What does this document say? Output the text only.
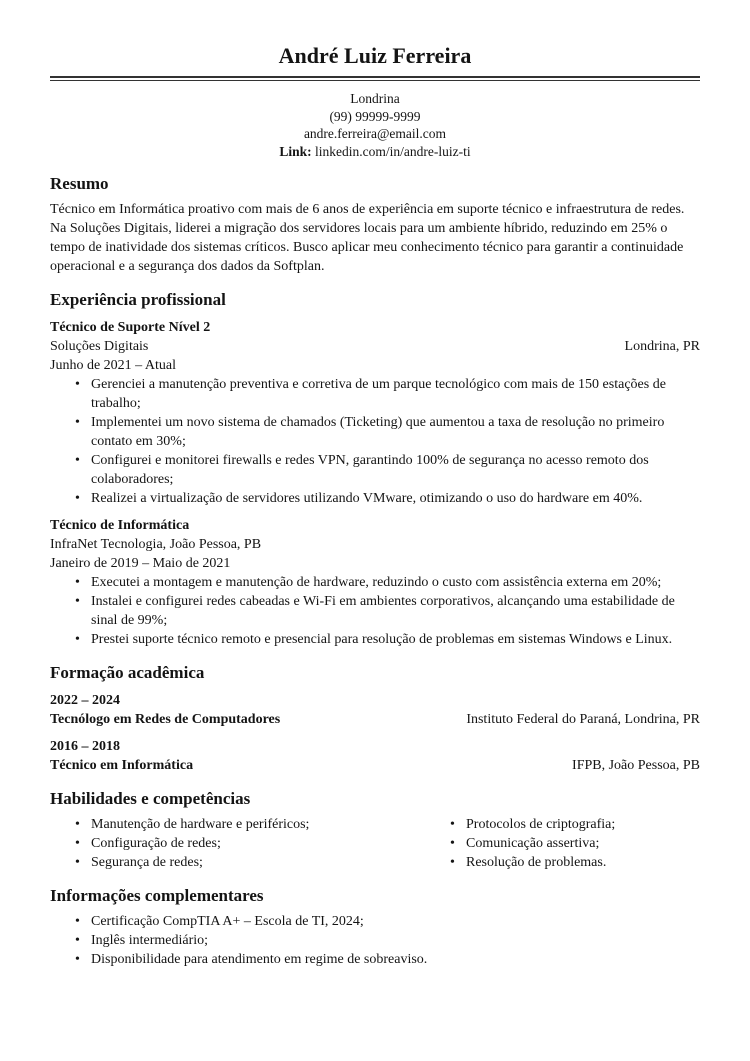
André Luiz Ferreira
Londrina
(99) 99999-9999
andre.ferreira@email.com
Link: linkedin.com/in/andre-luiz-ti
Resumo

Técnico em Informática proativo com mais de 6 anos de experiência em suporte técnico e infraestrutura de redes. Na Soluções Digitais, liderei a migração dos servidores locais para um ambiente híbrido, reduzindo em 25% o tempo de inatividade dos sistemas críticos. Busco aplicar meu conhecimento técnico para garantir a continuidade operacional e a segurança dos dados da Softplan.

Experiência profissional
Técnico de Suporte Nível 2
Soluções Digitais	Londrina, PR
Junho de 2021 – Atual
• Gerenciei a manutenção preventiva e corretiva de um parque tecnológico com mais de 150 estações de trabalho;
• Implementei um novo sistema de chamados (Ticketing) que aumentou a taxa de resolução no primeiro contato em 30%;
• Configurei e monitorei firewalls e redes VPN, garantindo 100% de segurança no acesso remoto dos colaboradores;
• Realizei a virtualização de servidores utilizando VMware, otimizando o uso do hardware em 40%.
Técnico de Informática
InfraNet Tecnologia, João Pessoa, PB
Janeiro de 2019 – Maio de 2021
• Executei a montagem e manutenção de hardware, reduzindo o custo com assistência externa em 20%;
• Instalei e configurei redes cabeadas e Wi-Fi em ambientes corporativos, alcançando uma estabilidade de sinal de 99%;
• Prestei suporte técnico remoto e presencial para resolução de problemas em sistemas Windows e Linux.
Formação acadêmica
2022 – 2024
Tecnólogo em Redes de Computadores	Instituto Federal do Paraná, Londrina, PR
2016 – 2018
Técnico em Informática	IFPB, João Pessoa, PB
Habilidades e competências
• Manutenção de hardware e periféricos;
• Configuração de redes;
• Segurança de redes;
• Protocolos de criptografia;
• Comunicação assertiva;
• Resolução de problemas.
Informações complementares
• Certificação CompTIA A+ – Escola de TI, 2024;
• Inglês intermediário;
• Disponibilidade para atendimento em regime de sobreaviso.
